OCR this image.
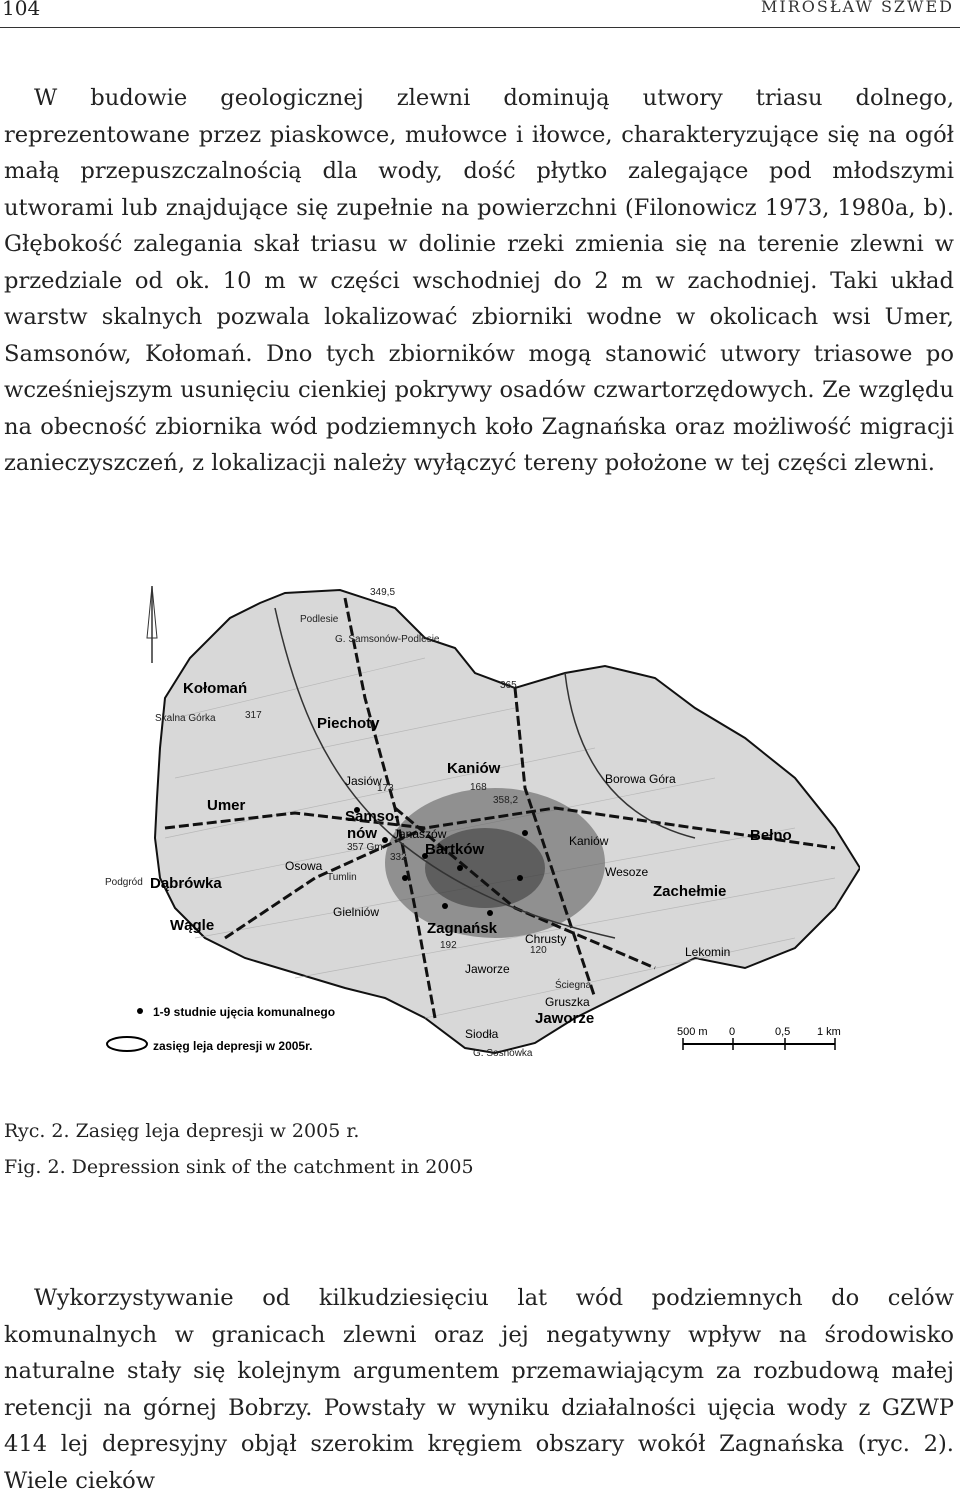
104	MIROSŁAW SZWED

W budowie geologicznej zlewni dominują utwory triasu dolnego, reprezentowane przez piaskowce, mułowce i iłowce, charakteryzujące się na ogół małą przepuszczalnością dla wody, dość płytko zalegające pod młodszymi utworami lub znajdujące się zupełnie na powierzchni (Filonowicz 1973, 1980a, b). Głębokość zalegania skał triasu w dolinie rzeki zmienia się na terenie zlewni w przedziale od ok. 10 m w części wschodniej do 2 m w zachodniej. Taki układ warstw skalnych pozwala lokalizować zbiorniki wodne w okolicach wsi Umer, Samsonów, Kołomań. Dno tych zbiorników mogą stanowić utwory triasowe po wcześniejszym usunięciu cienkiej pokrywy osadów czwartorzędowych. Ze względu na obecność zbiornika wód podziemnych koło Zagnańska oraz możliwość migracji zanieczyszczeń, z lokalizacji należy wyłączyć tereny położone w tej części zlewni.

Kołomań
Piechoty
Umer
Jasiów
Kaniów
Kaniów
Samso-
nów Janaszów
Bartków
Osowa
Podgród Dąbrówka
Wągle
Tumlin
Gielniów
Zagnańsk
Chrusty
Jaworze
Jaworze
Borowa Góra
Wesoze
Zachełmie
Bełno
Lekomin
Gruszka
Ściegna
Siodła
Podlesie
G. Samsonów-Podlesie
G. Sosnówka
Skalna Górka
349,5
358,2
365
317
168
173
192	120
332
357 Gm
1-9 studnie ujęcia komunalnego
zasięg leja depresji w 2005r.
500 m 0	0,5 1 km
Ryc. 2. Zasięg leja depresji w 2005 r.
Fig. 2. Depression sink of the catchment in 2005

Wykorzystywanie od kilkudziesięciu lat wód podziemnych do celów komunalnych w granicach zlewni oraz jej negatywny wpływ na środowisko naturalne stały się kolejnym argumentem przemawiającym za rozbudową małej retencji na górnej Bobrzy. Powstały w wyniku działalności ujęcia wody z GZWP 414 lej depresyjny objął szerokim kręgiem obszary wokół Zagnańska (ryc. 2). Wiele cieków
